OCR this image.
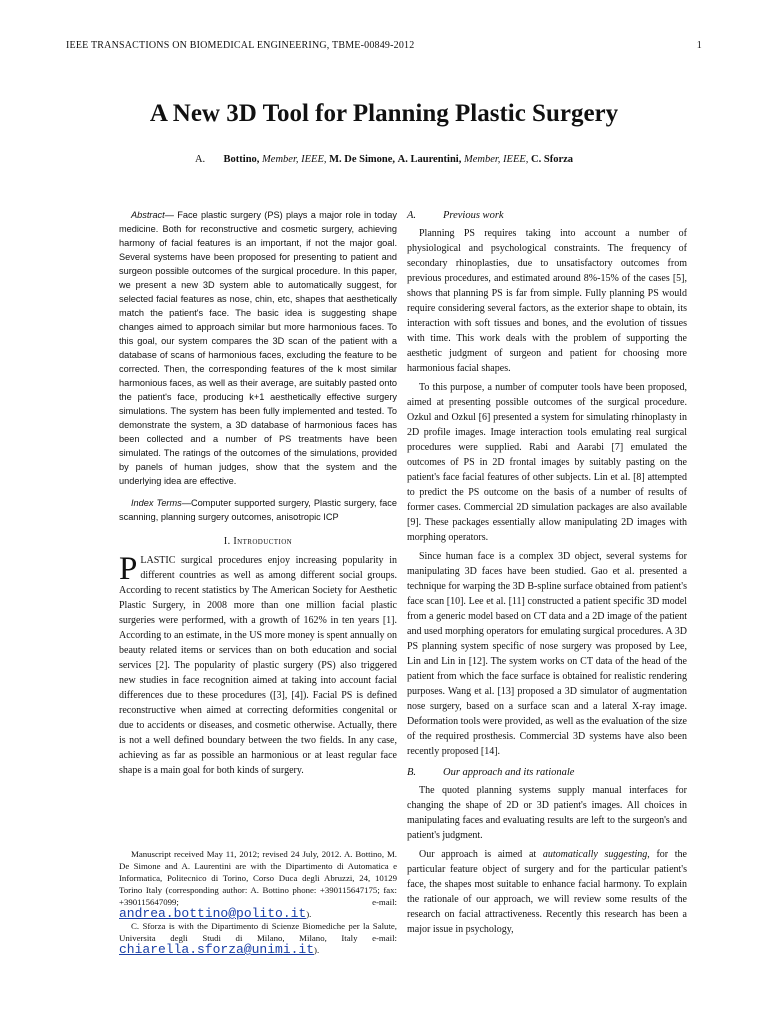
IEEE TRANSACTIONS ON BIOMEDICAL ENGINEERING, TBME-00849-2012	1
A New 3D Tool for Planning Plastic Surgery
A. Bottino, Member, IEEE, M. De Simone, A. Laurentini, Member, IEEE, C. Sforza

Abstract— Face plastic surgery (PS) plays a major role in today medicine. Both for reconstructive and cosmetic surgery, achieving harmony of facial features is an important, if not the major goal. Several systems have been proposed for presenting to patient and surgeon possible outcomes of the surgical procedure. In this paper, we present a new 3D system able to automatically suggest, for selected facial features as nose, chin, etc, shapes that aesthetically match the patient's face. The basic idea is suggesting shape changes aimed to approach similar but more harmonious faces. To this goal, our system compares the 3D scan of the patient with a database of scans of harmonious faces, excluding the feature to be corrected. Then, the corresponding features of the k most similar harmonious faces, as well as their average, are suitably pasted onto the patient's face, producing k+1 aesthetically effective surgery simulations. The system has been fully implemented and tested. To demonstrate the system, a 3D database of harmonious faces has been collected and a number of PS treatments have been simulated. The ratings of the outcomes of the simulations, provided by panels of human judges, show that the system and the underlying idea are effective.

Index Terms—Computer supported surgery, Plastic surgery, face scanning, planning surgery outcomes, anisotropic ICP

I. Introduction

PLASTIC surgical procedures enjoy increasing popularity in different countries as well as among different social groups. According to recent statistics by The American Society for Aesthetic Plastic Surgery, in 2008 more than one million facial plastic surgeries were performed, with a growth of 162% in ten years [1]. According to an estimate, in the US more money is spent annually on beauty related items or services than on both education and social services [2]. The popularity of plastic surgery (PS) also triggered new studies in face recognition aimed at taking into account facial differences due to these procedures ([3], [4]). Facial PS is defined reconstructive when aimed at correcting deformities congenital or due to accidents or diseases, and cosmetic otherwise. Actually, there is not a well defined boundary between the two fields. In any case, achieving as far as possible an harmonious or at least regular face shape is a main goal for both kinds of surgery.

Manuscript received May 11, 2012; revised 24 July, 2012. A. Bottino, M. De Simone and A. Laurentini are with the Dipartimento di Automatica e Informatica, Politecnico di Torino, Corso Duca degli Abruzzi, 24, 10129 Torino Italy (corresponding author: A. Bottino phone: +390115647175; fax: +390115647099; e-mail: andrea.bottino@polito.it).

C. Sforza is with the Dipartimento di Scienze Biomediche per la Salute, Universita degli Studi di Milano, Milano, Italy e-mail: chiarella.sforza@unimi.it).

A.	Previous work

Planning PS requires taking into account a number of physiological and psychological constraints. The frequency of secondary rhinoplasties, due to unsatisfactory outcomes from previous procedures, and estimated around 8%-15% of the cases [5], shows that planning PS is far from simple. Fully planning PS would require considering several factors, as the exterior shape to obtain, its interaction with soft tissues and bones, and the evolution of tissues with time. This work deals with the problem of supporting the aesthetic judgment of surgeon and patient for choosing more harmonious facial shapes.

To this purpose, a number of computer tools have been proposed, aimed at presenting possible outcomes of the surgical procedure. Ozkul and Ozkul [6] presented a system for simulating rhinoplasty in 2D profile images. Image interaction tools emulating real surgical procedures were supplied. Rabi and Aarabi [7] emulated the outcomes of PS in 2D frontal images by suitably pasting on the patient's face facial features of other subjects. Lin et al. [8] attempted to predict the PS outcome on the basis of a number of results of former cases. Commercial 2D simulation packages are also available [9]. These packages essentially allow manipulating 2D images with morphing operators.

Since human face is a complex 3D object, several systems for manipulating 3D faces have been studied. Gao et al. presented a technique for warping the 3D B-spline surface obtained from patient's face scan [10]. Lee et al. [11] constructed a patient specific 3D model from a generic model based on CT data and a 2D image of the patient and used morphing operators for emulating surgical procedures. A 3D PS planning system specific of nose surgery was proposed by Lee, Lin and Lin in [12]. The system works on CT data of the head of the patient from which the face surface is obtained for realistic rendering purposes. Wang et al. [13] proposed a 3D simulator of augmentation nose surgery, based on a surface scan and a lateral X-ray image. Deformation tools were provided, as well as the evaluation of the size of the required prosthesis. Commercial 3D systems have also been recently proposed [14].

B.	Our approach and its rationale

The quoted planning systems supply manual interfaces for changing the shape of 2D or 3D patient's images. All choices in manipulating faces and evaluating results are left to the surgeon's and patient's judgment.

Our approach is aimed at automatically suggesting, for the particular feature object of surgery and for the particular patient's face, the shapes most suitable to enhance facial harmony. To explain the rationale of our approach, we will review some results of the research on facial attractiveness. Recently this research has been a major issue in psychology,
